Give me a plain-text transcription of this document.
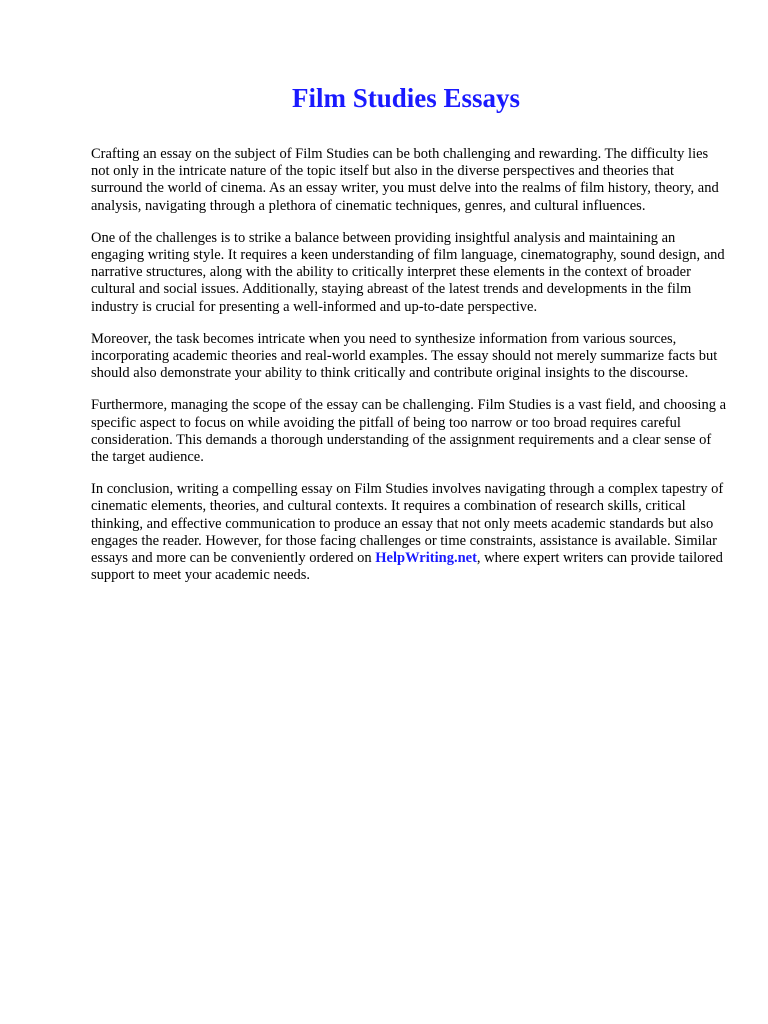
Film Studies Essays

Crafting an essay on the subject of Film Studies can be both challenging and rewarding. The difficulty lies not only in the intricate nature of the topic itself but also in the diverse perspectives and theories that surround the world of cinema. As an essay writer, you must delve into the realms of film history, theory, and analysis, navigating through a plethora of cinematic techniques, genres, and cultural influences.

One of the challenges is to strike a balance between providing insightful analysis and maintaining an engaging writing style. It requires a keen understanding of film language, cinematography, sound design, and narrative structures, along with the ability to critically interpret these elements in the context of broader cultural and social issues. Additionally, staying abreast of the latest trends and developments in the film industry is crucial for presenting a well-informed and up-to-date perspective.

Moreover, the task becomes intricate when you need to synthesize information from various sources, incorporating academic theories and real-world examples. The essay should not merely summarize facts but should also demonstrate your ability to think critically and contribute original insights to the discourse.

Furthermore, managing the scope of the essay can be challenging. Film Studies is a vast field, and choosing a specific aspect to focus on while avoiding the pitfall of being too narrow or too broad requires careful consideration. This demands a thorough understanding of the assignment requirements and a clear sense of the target audience.

In conclusion, writing a compelling essay on Film Studies involves navigating through a complex tapestry of cinematic elements, theories, and cultural contexts. It requires a combination of research skills, critical thinking, and effective communication to produce an essay that not only meets academic standards but also engages the reader. However, for those facing challenges or time constraints, assistance is available. Similar essays and more can be conveniently ordered on HelpWriting.net, where expert writers can provide tailored support to meet your academic needs.
